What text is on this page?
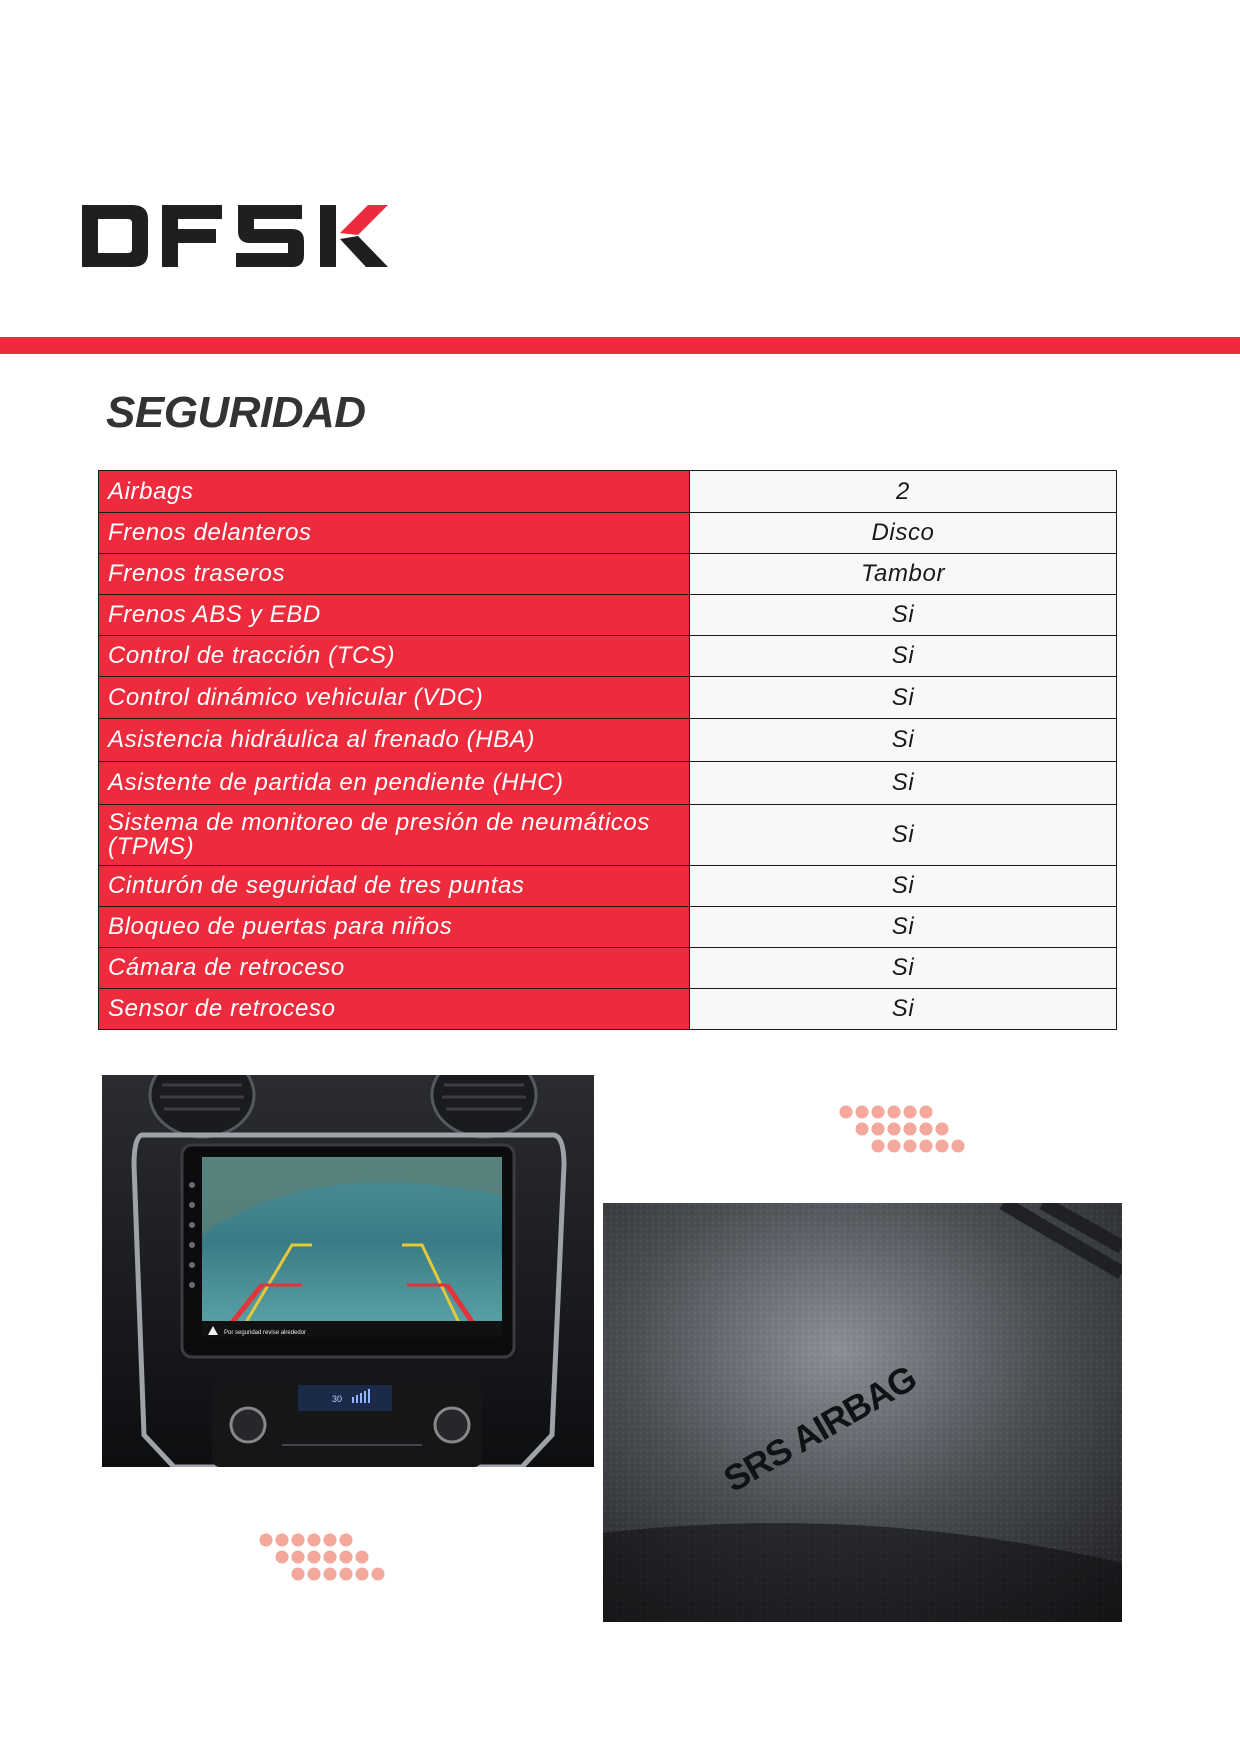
SEGURIDAD
Airbags	2
Frenos delanteros	Disco
Frenos traseros	Tambor
Frenos ABS y EBD	Si
Control de tracción (TCS)	Si
Control dinámico vehicular (VDC)	Si
Asistencia hidráulica al frenado (HBA)	Si
Asistente de partida en pendiente (HHC)	Si
Sistema de monitoreo de presión de neumáticos (TPMS)	Si
Cinturón de seguridad de tres puntas	Si
Bloqueo de puertas para niños	Si
Cámara de retroceso	Si
Sensor de retroceso	Si
Por seguridad revise alrededor
30	SRS AIRBAG
